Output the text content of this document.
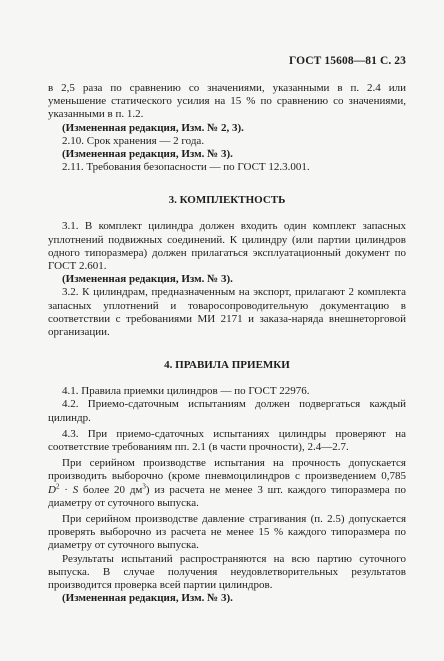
ГОСТ 15608—81 С. 23

в 2,5 раза по сравнению со значениями, указанными в п. 2.4 или уменьшение статического усилия на 15 % по сравнению со значениями, указанными в п. 1.2.

(Измененная редакция, Изм. № 2, 3).

2.10. Срок хранения — 2 года.

(Измененная редакция, Изм. № 3).

2.11. Требования безопасности — по ГОСТ 12.3.001.

3. КОМПЛЕКТНОСТЬ

3.1. В комплект цилиндра должен входить один комплект запасных уплотнений подвижных соединений. К цилиндру (или партии цилиндров одного типоразмера) должен прилагаться эксплуатационный документ по ГОСТ 2.601.

(Измененная редакция, Изм. № 3).

3.2. К цилиндрам, предназначенным на экспорт, прилагают 2 комплекта запасных уплотнений и товаросопроводительную документацию в соответствии с требованиями МИ 2171 и заказа-наряда внешнеторговой организации.

4. ПРАВИЛА ПРИЕМКИ

4.1. Правила приемки цилиндров — по ГОСТ 22976.

4.2. Приемо-сдаточным испытаниям должен подвергаться каждый цилиндр.

4.3. При приемо-сдаточных испытаниях цилиндры проверяют на соответствие требованиям пп. 2.1 (в части прочности), 2.4—2.7.

При серийном производстве испытания на прочность допускается производить выборочно (кроме пневмоцилиндров с произведением 0,785 $D^2 \cdot S$ более 20 $дм^3$) из расчета не менее 3 шт. каждого типоразмера по диаметру от суточного выпуска.

При серийном производстве давление страгивания (п. 2.5) допускается проверять выборочно из расчета не менее 15 % каждого типоразмера по диаметру от суточного выпуска.

Результаты испытаний распространяются на всю партию суточного выпуска. В случае получения неудовлетворительных результатов производится проверка всей партии цилиндров.

(Измененная редакция, Изм. № 3).
